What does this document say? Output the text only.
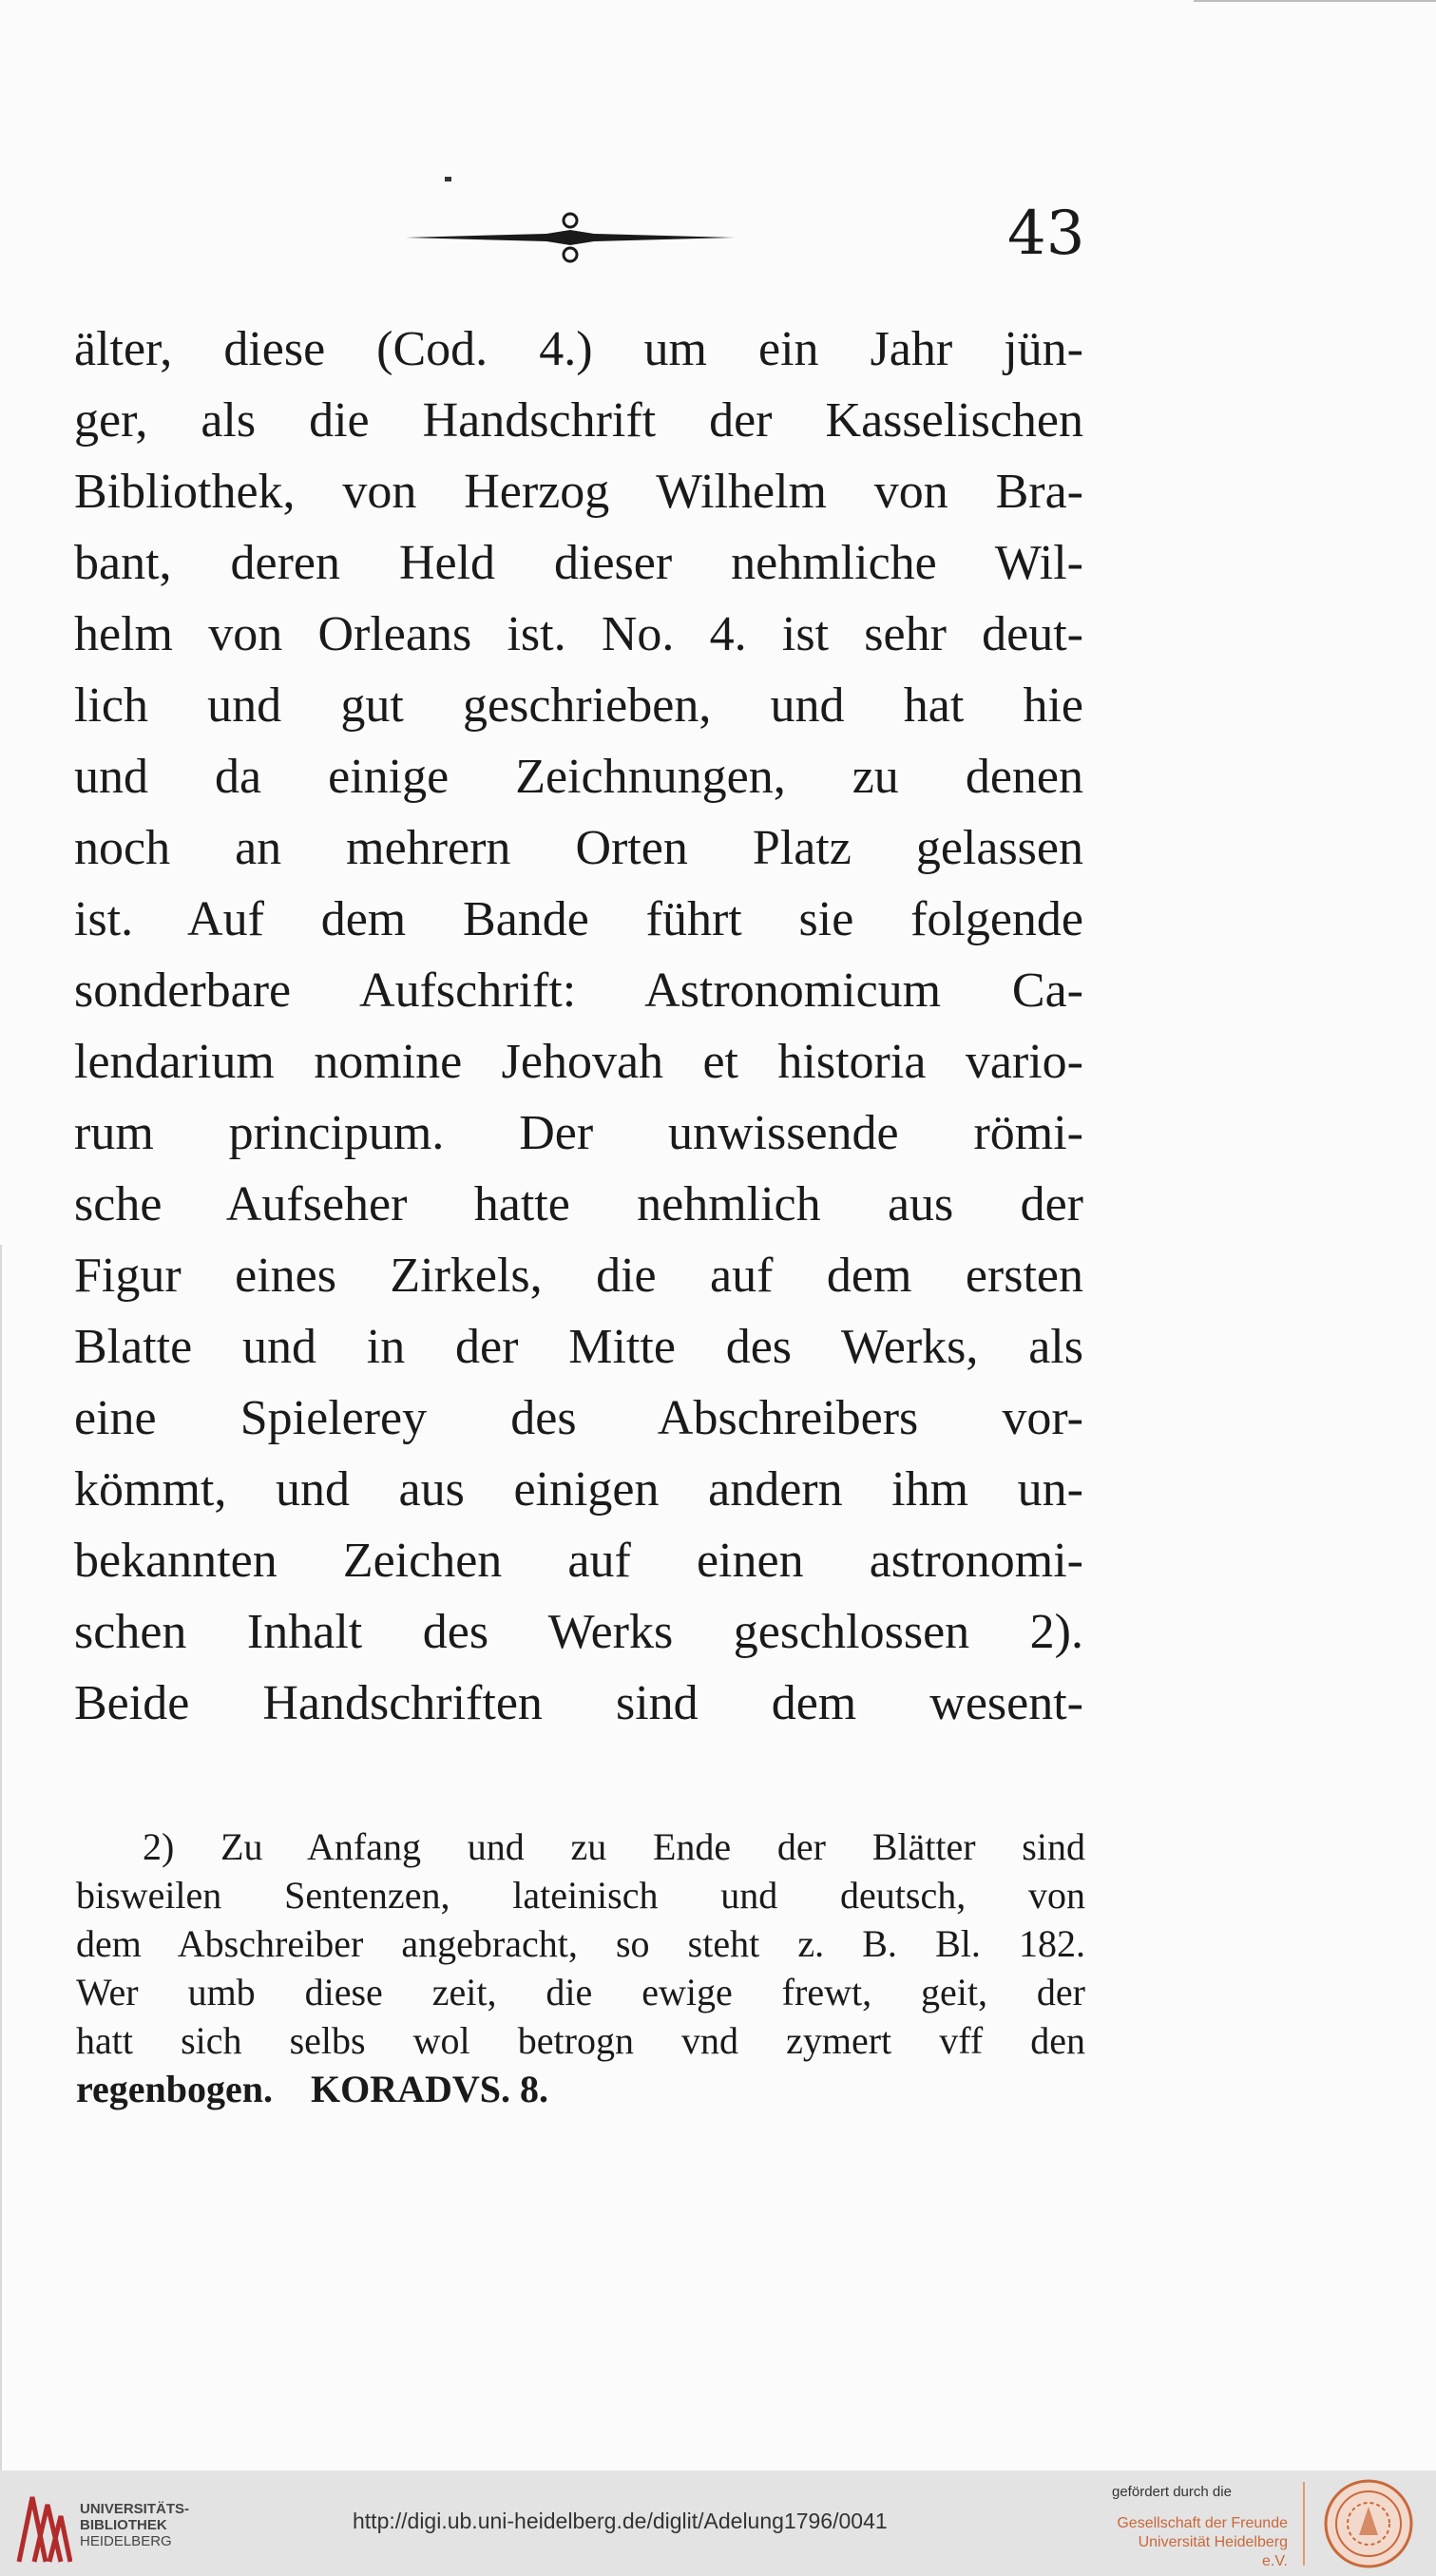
43
älter, diese (Cod. 4.) um ein Jahr jün-
ger, als die Handschrift der Kasselischen
Bibliothek, von Herzog Wilhelm von Bra-
bant, deren Held dieser nehmliche Wil-
helm von Orleans ist. No. 4. ist sehr deut-
lich und gut geschrieben, und hat hie
und da einige Zeichnungen, zu denen
noch an mehrern Orten Platz gelassen
ist. Auf dem Bande führt sie folgende
sonderbare Aufschrift: Astronomicum Ca-
lendarium nomine Jehovah et historia vario-
rum principum. Der unwissende römi-
sche Aufseher hatte nehmlich aus der
Figur eines Zirkels, die auf dem ersten
Blatte und in der Mitte des Werks, als
eine Spielerey des Abschreibers vor-
kömmt, und aus einigen andern ihm un-
bekannten Zeichen auf einen astronomi-
schen Inhalt des Werks geschlossen 2).
Beide Handschriften sind dem wesent-
2) Zu Anfang und zu Ende der Blätter sind
bisweilen Sentenzen, lateinisch und deutsch, von
dem Abschreiber angebracht, so steht z. B. Bl. 182.
Wer umb diese zeit, die ewige frewt, geit, der
hatt sich selbs wol betrogn vnd zymert vff den
regenbogen. KORADVS. 8.
UNIVERSITÄTS-
BIBLIOTHEK
HEIDELBERG
http://digi.ub.uni-heidelberg.de/diglit/Adelung1796/0041
gefördert durch die
Gesellschaft der Freunde
Universität Heidelberg e.V.
